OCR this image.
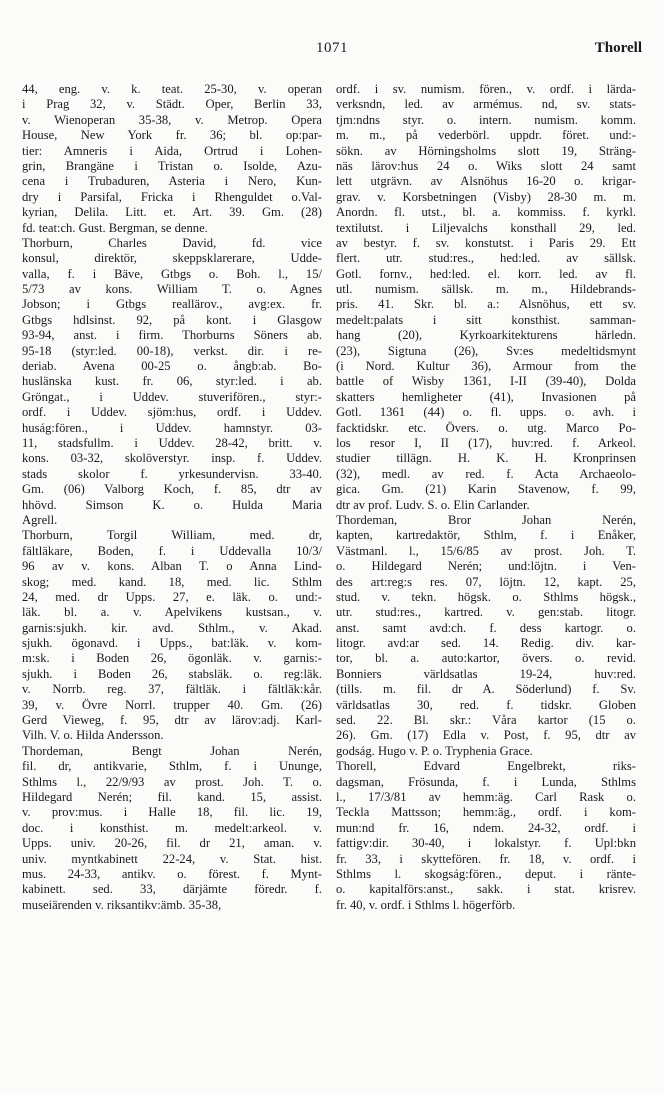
1071	Thorell
44, eng. v. k. teat. 25-30, v. operan
i Prag 32, v. Städt. Oper, Berlin 33,
v. Wienoperan 35-38, v. Metrop. Opera
House, New York fr. 36; bl. op:par-
tier: Amneris i Aida, Ortrud i Lohen-
grin, Brangäne i Tristan o. Isolde, Azu-
cena i Trubaduren, Asteria i Nero, Kun-
dry i Parsifal, Fricka i Rhenguldet o.Val-
kyrian, Delila. Litt. et. Art. 39. Gm. (28)
fd. teat:ch. Gust. Bergman, se denne.
Thorburn, Charles David, fd. vice
konsul, direktör, skeppsklarerare, Udde-
valla, f. i Bäve, Gtbgs o. Boh. l., 15/
5/73 av kons. William T. o. Agnes
Jobson; i Gtbgs reallärov., avg:ex. fr.
Gtbgs hdlsinst. 92, på kont. i Glasgow
93-94, anst. i firm. Thorburns Söners ab.
95-18 (styr:led. 00-18), verkst. dir. i re-
deriab. Avena 00-25 o. ångb:ab. Bo-
huslänska kust. fr. 06, styr:led. i ab.
Gröngat., i Uddev. stuverifören., styr:-
ordf. i Uddev. sjöm:hus, ordf. i Uddev.
huság:fören., i Uddev. hamnstyr. 03-
11, stadsfullm. i Uddev. 28-42, britt. v.
kons. 03-32, skolöverstyr. insp. f. Uddev.
stads skolor f. yrkesundervisn. 33-40.
Gm. (06) Valborg Koch, f. 85, dtr av
hhövd. Simson K. o. Hulda Maria
Agrell.
Thorburn, Torgil William, med. dr,
fältläkare, Boden, f. i Uddevalla 10/3/
96 av v. kons. Alban T. o Anna Lind-
skog; med. kand. 18, med. lic. Sthlm
24, med. dr Upps. 27, e. läk. o. und:-
läk. bl. a. v. Apelvikens kustsan., v.
garnis:sjukh. kir. avd. Sthlm., v. Akad.
sjukh. ögonavd. i Upps., bat:läk. v. kom-
m:sk. i Boden 26, ögonläk. v. garnis:-
sjukh. i Boden 26, stabsläk. o. reg:läk.
v. Norrb. reg. 37, fältläk. i fältläk:kår.
39, v. Övre Norrl. trupper 40. Gm. (26)
Gerd Vieweg, f. 95, dtr av lärov:adj. Karl-
Vilh. V. o. Hilda Andersson.
Thordeman, Bengt Johan Nerén,
fil. dr, antikvarie, Sthlm, f. i Ununge,
Sthlms l., 22/9/93 av prost. Joh. T. o.
Hildegard Nerén; fil. kand. 15, assist.
v. prov:mus. i Halle 18, fil. lic. 19,
doc. i konsthist. m. medelt:arkeol. v.
Upps. univ. 20-26, fil. dr 21, aman. v.
univ. myntkabinett 22-24, v. Stat. hist.
mus. 24-33, antikv. o. förest. f. Mynt-
kabinett. sed. 33, därjämte föredr. f.
museiärenden v. riksantikv:ämb. 35-38,
ordf. i sv. numism. fören., v. ordf. i lärda-
verksndn, led. av armémus. nd, sv. stats-
tjm:ndns styr. o. intern. numism. komm.
m. m., på vederbörl. uppdr. föret. und:-
sökn. av Hörningsholms slott 19, Sträng-
näs lärov:hus 24 o. Wiks slott 24 samt
lett utgrävn. av Alsnöhus 16-20 o. krigar-
grav. v. Korsbetningen (Visby) 28-30 m. m.
Anordn. fl. utst., bl. a. kommiss. f. kyrkl.
textilutst. i Liljevalchs konsthall 29, led.
av bestyr. f. sv. konstutst. i Paris 29. Ett
flert. utr. stud:res., hed:led. av sällsk.
Gotl. fornv., hed:led. el. korr. led. av fl.
utl. numism. sällsk. m. m., Hildebrands-
pris. 41. Skr. bl. a.: Alsnöhus, ett sv.
medelt:palats i sitt konsthist. samman-
hang (20), Kyrkoarkitekturens härledn.
(23), Sigtuna (26), Sv:es medeltidsmynt
(i Nord. Kultur 36), Armour from the
battle of Wisby 1361, I-II (39-40), Dolda
skatters hemligheter (41), Invasionen på
Gotl. 1361 (44) o. fl. upps. o. avh. i
facktidskr. etc. Övers. o. utg. Marco Po-
los resor I, II (17), huv:red. f. Arkeol.
studier tillägn. H. K. H. Kronprinsen
(32), medl. av red. f. Acta Archaeolo-
gica. Gm. (21) Karin Stavenow, f. 99,
dtr av prof. Ludv. S. o. Elin Carlander.
Thordeman, Bror Johan Nerén,
kapten, kartredaktör, Sthlm, f. i Enåker,
Västmanl. l., 15/6/85 av prost. Joh. T.
o. Hildegard Nerén; und:löjtn. i Ven-
des art:reg:s res. 07, löjtn. 12, kapt. 25,
stud. v. tekn. högsk. o. Sthlms högsk.,
utr. stud:res., kartred. v. gen:stab. litogr.
anst. samt avd:ch. f. dess kartogr. o.
litogr. avd:ar sed. 14. Redig. div. kar-
tor, bl. a. auto:kartor, övers. o. revid.
Bonniers världsatlas 19-24, huv:red.
(tills. m. fil. dr A. Söderlund) f. Sv.
världsatlas 30, red. f. tidskr. Globen
sed. 22. Bl. skr.: Våra kartor (15 o.
26). Gm. (17) Edla v. Post, f. 95, dtr av
godság. Hugo v. P. o. Tryphenia Grace.
Thorell, Edvard Engelbrekt, riks-
dagsman, Frösunda, f. i Lunda, Sthlms
l., 17/3/81 av hemm:äg. Carl Rask o.
Teckla Mattsson; hemm:äg., ordf. i kom-
mun:nd fr. 16, ndem. 24-32, ordf. i
fattigv:dir. 30-40, i lokalstyr. f. Upl:bkn
fr. 33, i skyttefören. fr. 18, v. ordf. i
Sthlms l. skogság:fören., deput. i ränte-
o. kapitalförs:anst., sakk. i stat. krisrev.
fr. 40, v. ordf. i Sthlms l. högerförb.
